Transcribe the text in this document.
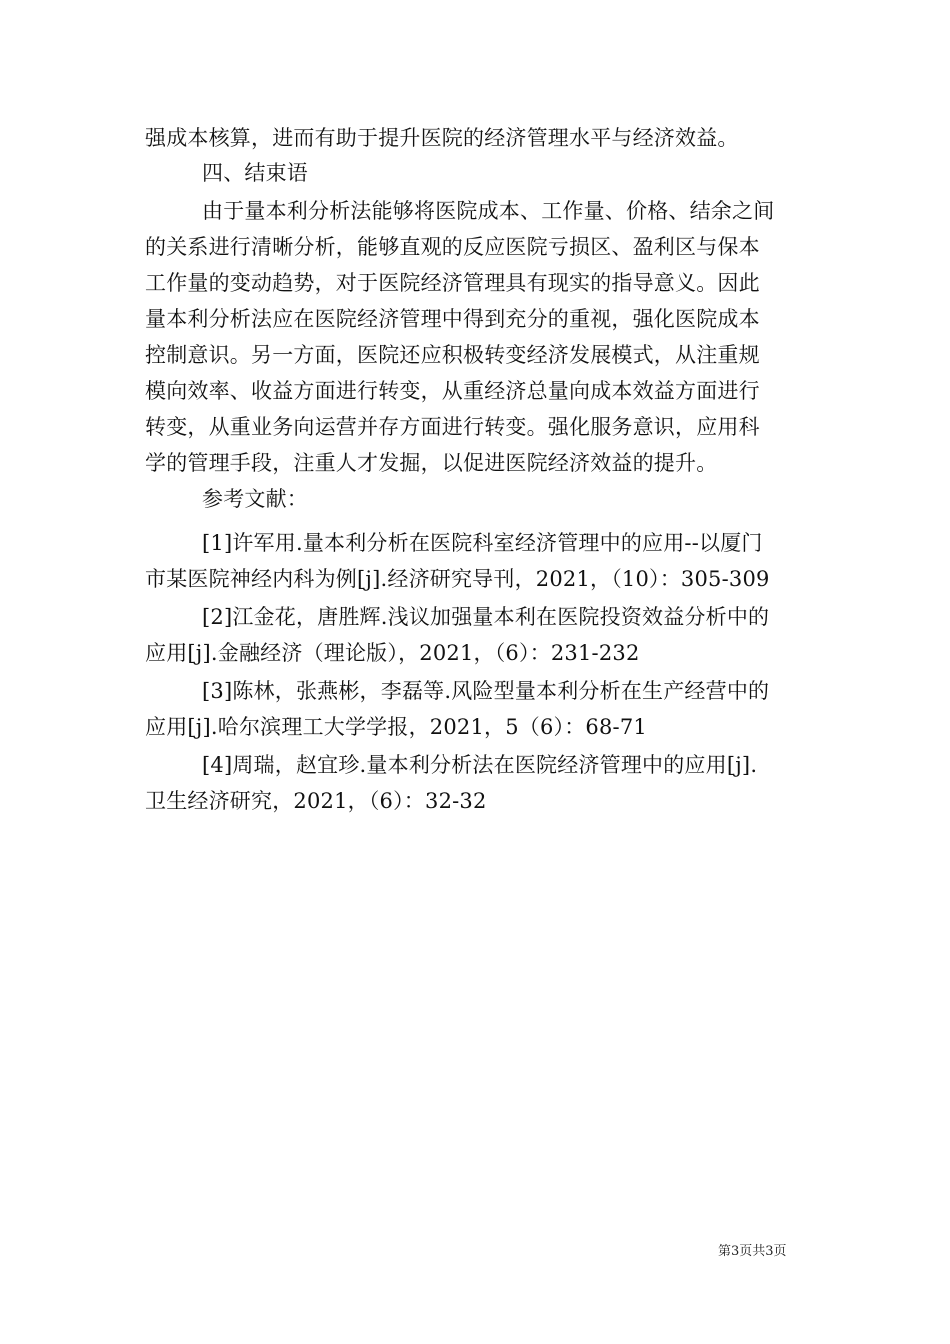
强成本核算，进而有助于提升医院的经济管理水平与经济效益。
四、结束语
由于量本利分析法能够将医院成本、工作量、价格、结余之间
的关系进行清晰分析，能够直观的反应医院亏损区、盈利区与保本
工作量的变动趋势，对于医院经济管理具有现实的指导意义。因此
量本利分析法应在医院经济管理中得到充分的重视，强化医院成本
控制意识。另一方面，医院还应积极转变经济发展模式，从注重规
模向效率、收益方面进行转变，从重经济总量向成本效益方面进行
转变，从重业务向运营并存方面进行转变。强化服务意识，应用科
学的管理手段，注重人才发掘，以促进医院经济效益的提升。
参考文献：
[1]许军用.量本利分析在医院科室经济管理中的应用--以厦门
市某医院神经内科为例[j].经济研究导刊，2021，（10）：305-309
[2]江金花，唐胜辉.浅议加强量本利在医院投资效益分析中的
应用[j].金融经济（理论版），2021，（6）：231-232
[3]陈林，张燕彬，李磊等.风险型量本利分析在生产经营中的
应用[j].哈尔滨理工大学学报，2021，5（6）：68-71
[4]周瑞，赵宜珍.量本利分析法在医院经济管理中的应用[j].
卫生经济研究，2021，（6）：32-32
第3页共3页
